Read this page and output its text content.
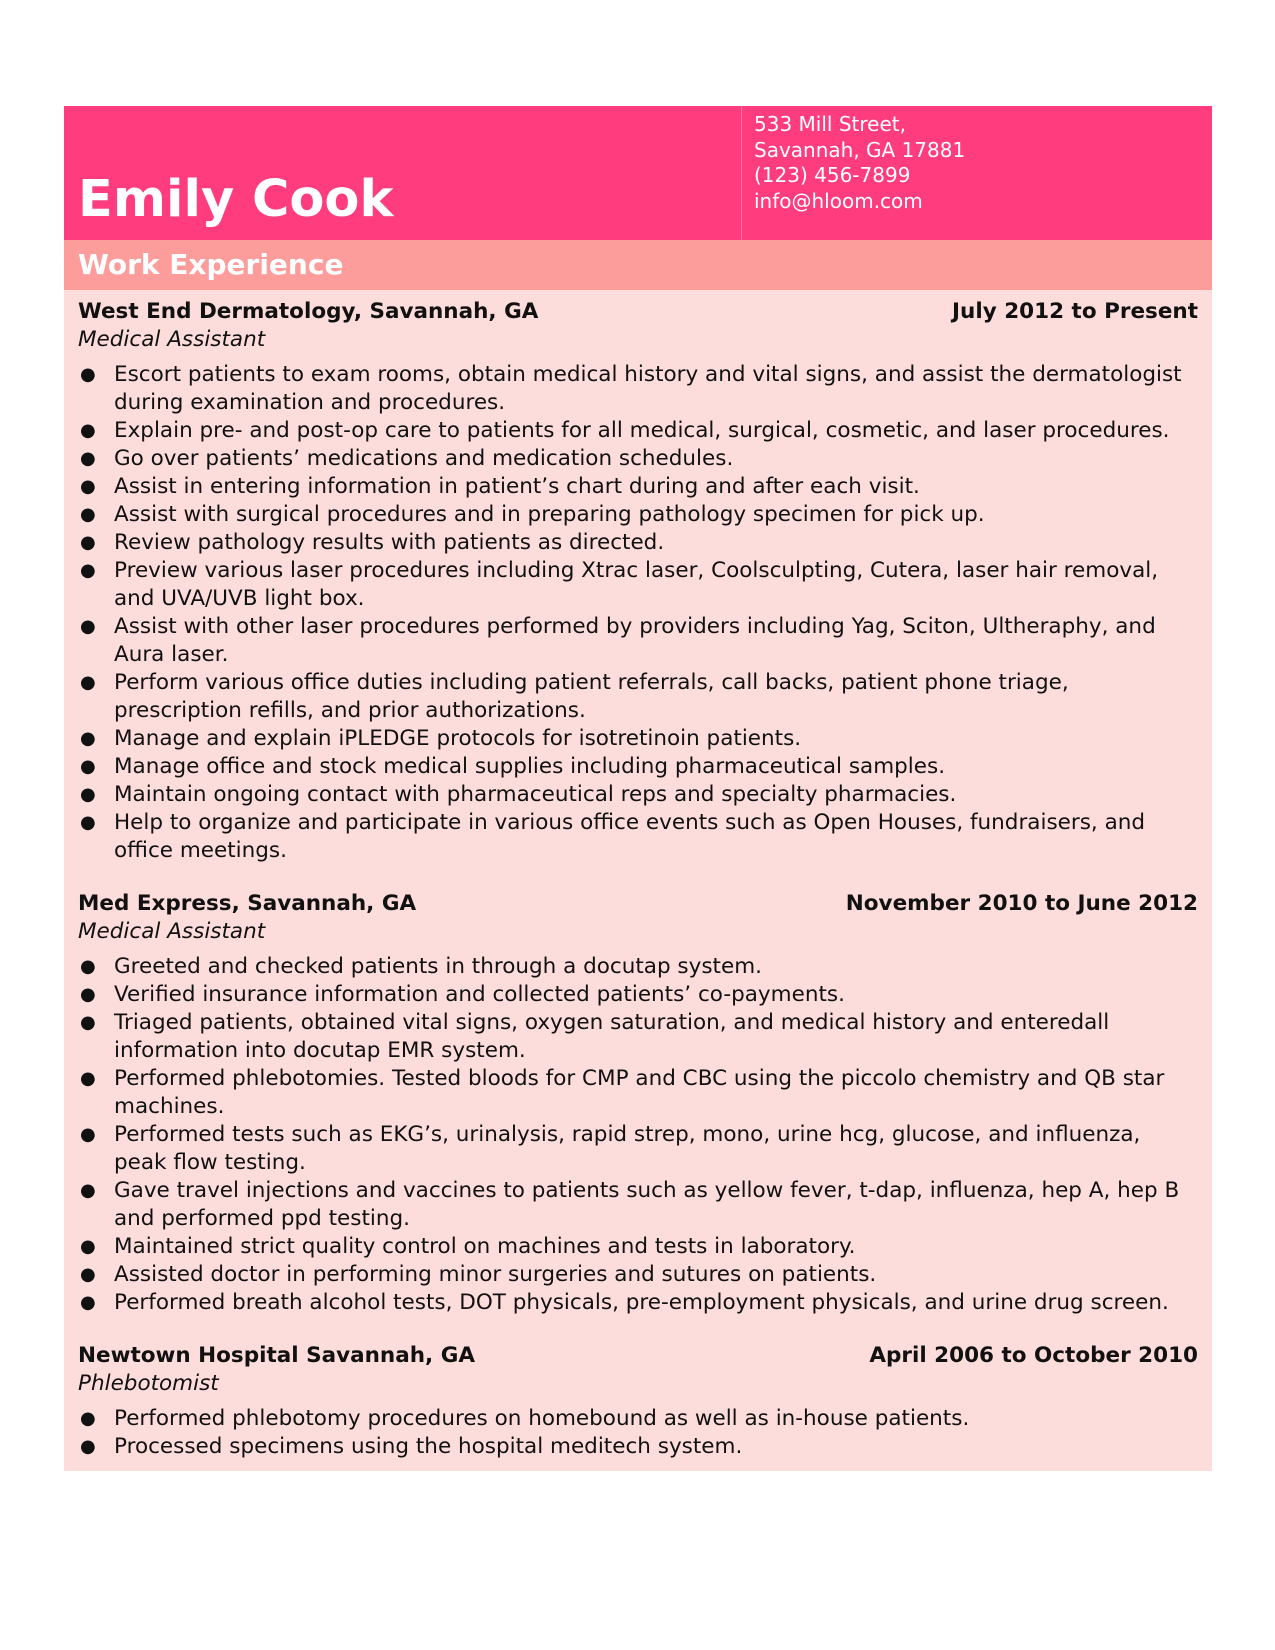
Emily Cook
533 Mill Street,
Savannah, GA 17881
(123) 456-7899
info@hloom.com
Work Experience
West End Dermatology, Savannah, GA	July 2012 to Present
Medical Assistant
● Escort patients to exam rooms, obtain medical history and vital signs, and assist the dermatologist during examination and procedures.
● Explain pre- and post-op care to patients for all medical, surgical, cosmetic, and laser procedures.
● Go over patients’ medications and medication schedules.
● Assist in entering information in patient’s chart during and after each visit.
● Assist with surgical procedures and in preparing pathology specimen for pick up.
● Review pathology results with patients as directed.
● Preview various laser procedures including Xtrac laser, Coolsculpting, Cutera, laser hair removal, and UVA/UVB light box.
● Assist with other laser procedures performed by providers including Yag, Sciton, Ultheraphy, and Aura laser.
● Perform various office duties including patient referrals, call backs, patient phone triage, prescription refills, and prior authorizations.
● Manage and explain iPLEDGE protocols for isotretinoin patients.
● Manage office and stock medical supplies including pharmaceutical samples.
● Maintain ongoing contact with pharmaceutical reps and specialty pharmacies.
● Help to organize and participate in various office events such as Open Houses, fundraisers, and office meetings.
Med Express, Savannah, GA	November 2010 to June 2012
Medical Assistant
● Greeted and checked patients in through a docutap system.
● Verified insurance information and collected patients’ co-payments.
● Triaged patients, obtained vital signs, oxygen saturation, and medical history and enteredall information into docutap EMR system.
● Performed phlebotomies. Tested bloods for CMP and CBC using the piccolo chemistry and QB star machines.
● Performed tests such as EKG’s, urinalysis, rapid strep, mono, urine hcg, glucose, and influenza, peak flow testing.
● Gave travel injections and vaccines to patients such as yellow fever, t-dap, influenza, hep A, hep B and performed ppd testing.
● Maintained strict quality control on machines and tests in laboratory.
● Assisted doctor in performing minor surgeries and sutures on patients.
● Performed breath alcohol tests, DOT physicals, pre-employment physicals, and urine drug screen.
Newtown Hospital Savannah, GA	April 2006 to October 2010
Phlebotomist
● Performed phlebotomy procedures on homebound as well as in-house patients.
● Processed specimens using the hospital meditech system.
